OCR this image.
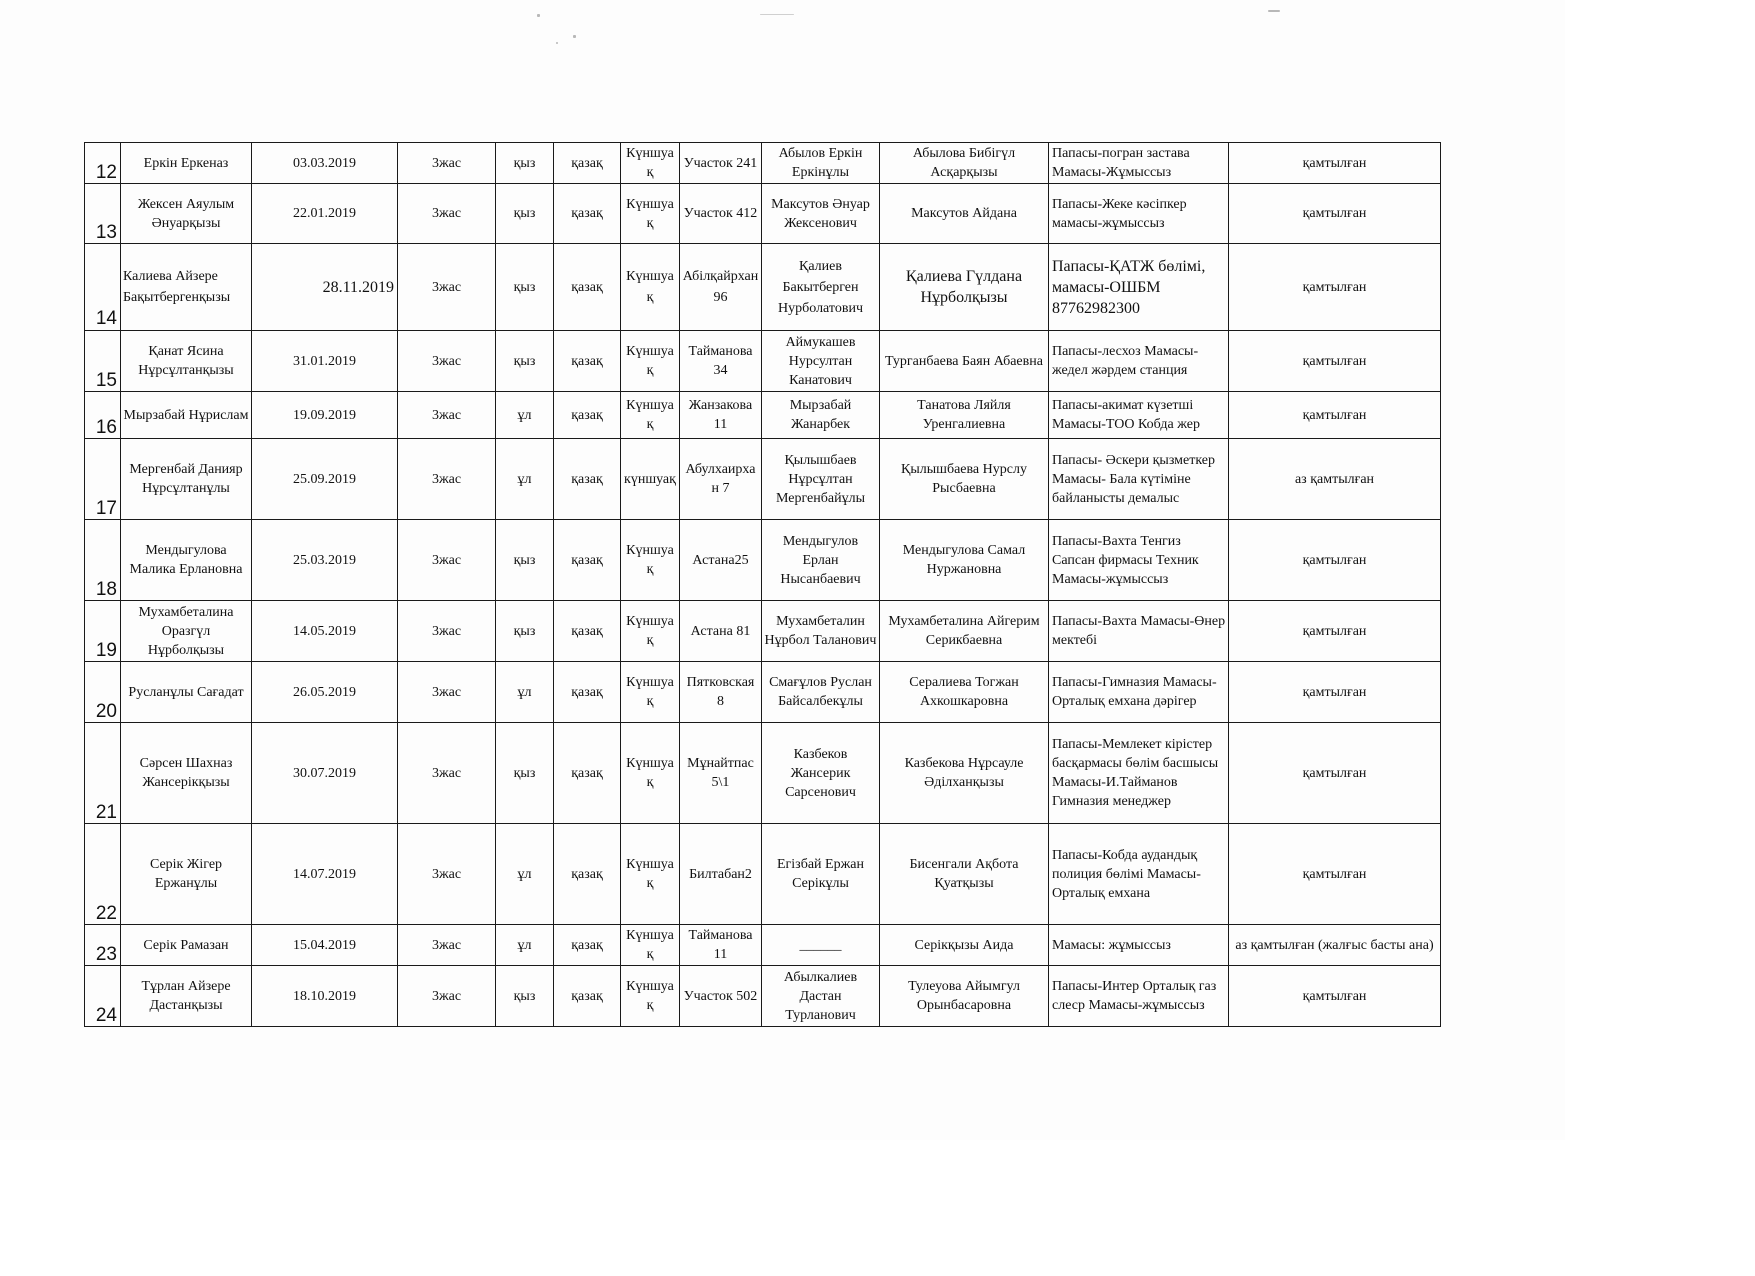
12	Еркін Еркеназ	03.03.2019	3жас	қыз	қазақ	Күншуақ	Участок 241	Абылов Еркін Еркінұлы	Абылова Бибігүл Асқарқызы	Папасы-погран застава Мамасы-Жұмыссыз	қамтылған
13	Жексен Аяулым Әнуарқызы	22.01.2019	3жас	қыз	қазақ	Күншуақ	Участок 412	Максутов Әнуар Жексенович	Максутов Айдана	Папасы-Жеке кәсіпкер мамасы-жұмыссыз	қамтылған
14	Калиева Айзере Бақытбергенқызы	28.11.2019	3жас	қыз	қазақ	Күншуақ	Абілқайрхан 96	Қалиев Бакытберген Нурболатович	Қалиева Гүлдана Нұрболқызы	Папасы-ҚАТЖ бөлімі, мамасы-ОШБМ 87762982300	қамтылған
15	Қанат Ясина Нұрсұлтанқызы	31.01.2019	3жас	қыз	қазақ	Күншуақ	Тайманова 34	Аймукашев Нурсултан Канатович	Турганбаева Баян Абаевна	Папасы-лесхоз Мамасы-жедел жәрдем станция	қамтылған
16	Мырзабай Нұрислам	19.09.2019	3жас	ұл	қазақ	Күншуақ	Жанзакова 11	Мырзабай Жанарбек	Танатова Ляйля Уренгалиевна	Папасы-акимат күзетші Мамасы-ТОО Кобда жер	қамтылған
17	Мергенбай Данияр Нұрсұлтанұлы	25.09.2019	3жас	ұл	қазақ	күншуақ	Абулхаирхан 7	Қылышбаев Нұрсұлтан Мергенбайұлы	Қылышбаева Нурслу Рысбаевна	Папасы- Әскери қызметкер Мамасы- Бала күтіміне байланысты демалыс	аз қамтылған
18	Мендыгулова Малика Ерлановна	25.03.2019	3жас	қыз	қазақ	Күншуақ	Астана25	Мендыгулов Ерлан Нысанбаевич	Мендыгулова Самал Нуржановна	Папасы-Вахта Тенгиз Сапсан фирмасы Техник Мамасы-жұмыссыз	қамтылған
19	Мухамбеталина Оразгүл Нұрболқызы	14.05.2019	3жас	қыз	қазақ	Күншуақ	Астана 81	Мухамбеталин Нұрбол Таланович	Мухамбеталина Айгерим Серикбаевна	Папасы-Вахта Мамасы-Өнер мектебі	қамтылған
20	Русланұлы Сағадат	26.05.2019	3жас	ұл	қазақ	Күншуақ	Пятковская 8	Смағұлов Руслан Байсалбекұлы	Сералиева Тогжан Ахкошкаровна	Папасы-Гимназия Мамасы-Орталық емхана дәрігер	қамтылған
21	Сәрсен Шахназ Жансерікқызы	30.07.2019	3жас	қыз	қазақ	Күншуақ	Мұнайтпас 5\1	Казбеков Жансерик Сарсенович	Казбекова Нұрсауле Әділханқызы	Папасы-Мемлекет кірістер басқармасы бөлім басшысы Мамасы-И.Тайманов Гимназия менеджер	қамтылған
22	Серік Жігер Ержанұлы	14.07.2019	3жас	ұл	қазақ	Күншуақ	Билтабан2	Егізбай Ержан Серікұлы	Бисенгали Ақбота Қуатқызы	Папасы-Кобда аудандық полиция бөлімі Мамасы-Орталық емхана	қамтылған
23	Серік Рамазан	15.04.2019	3жас	ұл	қазақ	Күншуақ	Тайманова 11	______	Серікқызы Аида	Мамасы: жұмыссыз	аз қамтылған (жалғыс басты ана)
24	Тұрлан Айзере Дастанқызы	18.10.2019	3жас	қыз	қазақ	Күншуақ	Участок 502	Абылкалиев Дастан Турланович	Тулеуова Айымгул Орынбасаровна	Папасы-Интер Орталық газ слеср Мамасы-жұмыссыз	қамтылған
